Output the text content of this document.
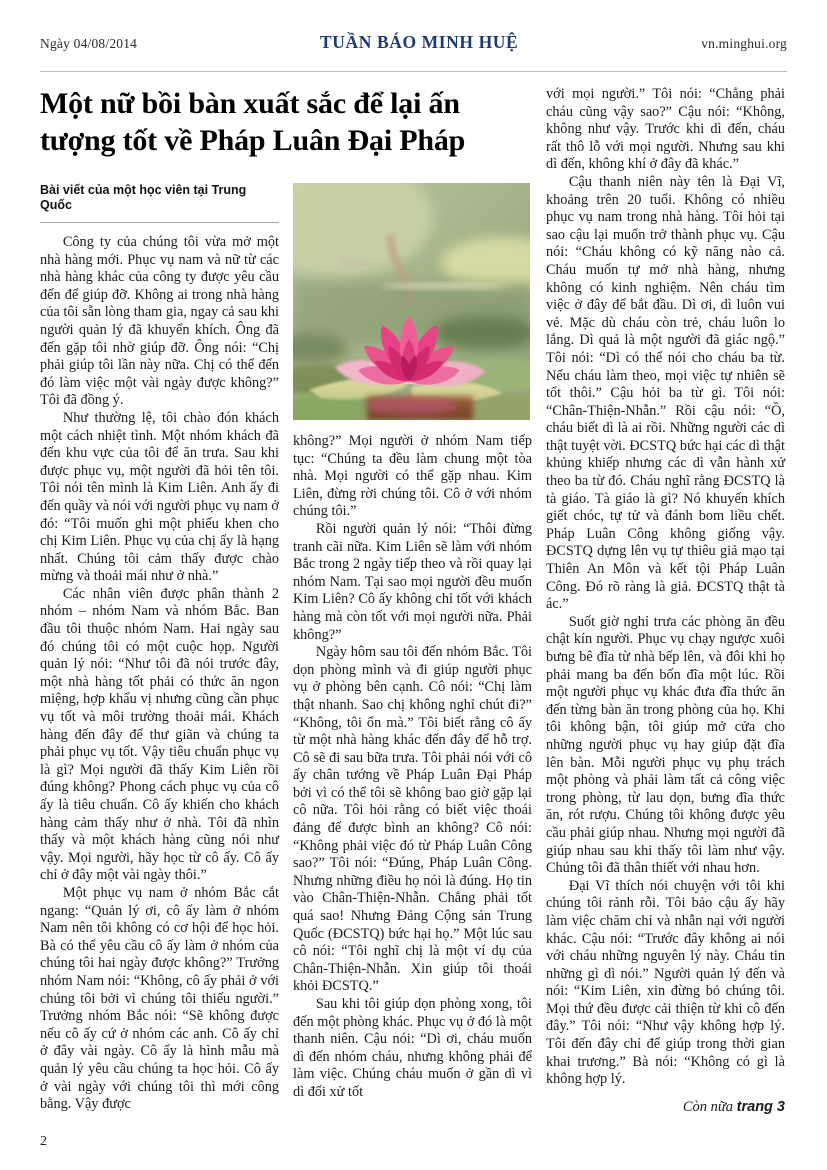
Ngày 04/08/2014	TUẦN BÁO MINH HUỆ	vn.minghui.org
Một nữ bồi bàn xuất sắc để lại ấn tượng tốt về Pháp Luân Đại Pháp
Bài viết của một học viên tại Trung Quốc

Công ty của chúng tôi vừa mở một nhà hàng mới. Phục vụ nam và nữ từ các nhà hàng khác của công ty được yêu cầu đến để giúp đỡ. Không ai trong nhà hàng của tôi sẵn lòng tham gia, ngay cả sau khi người quản lý đã khuyến khích. Ông đã đến gặp tôi nhờ giúp đỡ. Ông nói: “Chị phải giúp tôi lần này nữa. Chị có thể đến đó làm việc một vài ngày được không?” Tôi đã đồng ý.

Như thường lệ, tôi chào đón khách một cách nhiệt tình. Một nhóm khách đã đến khu vực của tôi để ăn trưa. Sau khi được phục vụ, một người đã hỏi tên tôi. Tôi nói tên mình là Kim Liên. Anh ấy đi đến quầy và nói với người phục vụ nam ở đó: “Tôi muốn ghi một phiếu khen cho chị Kim Liên. Phục vụ của chị ấy là hạng nhất. Chúng tôi cảm thấy được chào mừng và thoải mái như ở nhà.”

Các nhân viên được phân thành 2 nhóm – nhóm Nam và nhóm Bắc. Ban đầu tôi thuộc nhóm Nam. Hai ngày sau đó chúng tôi có một cuộc họp. Người quản lý nói: “Như tôi đã nói trước đây, một nhà hàng tốt phải có thức ăn ngon miệng, hợp khẩu vị nhưng cũng cần phục vụ tốt và môi trường thoải mái. Khách hàng đến đây để thư giãn và chúng ta phải phục vụ tốt. Vậy tiêu chuẩn phục vụ là gì? Mọi người đã thấy Kim Liên rồi đúng không? Phong cách phục vụ của cô ấy là tiêu chuẩn. Cô ấy khiến cho khách hàng cảm thấy như ở nhà. Tôi đã nhìn thấy và một khách hàng cũng nói như vậy. Mọi người, hãy học từ cô ấy. Cô ấy chỉ ở đây một vài ngày thôi.”

Một phục vụ nam ở nhóm Bắc cắt ngang: “Quản lý ơi, cô ấy làm ở nhóm Nam nên tôi không có cơ hội để học hỏi. Bà có thể yêu cầu cô ấy làm ở nhóm của chúng tôi hai ngày được không?” Trưởng nhóm Nam nói: “Không, cô ấy phải ở với chúng tôi bởi vì chúng tôi thiếu người.” Trưởng nhóm Bắc nói: “Sẽ không được nếu cô ấy cứ ở nhóm các anh. Cô ấy chỉ ở đây vài ngày. Cô ấy là hình mẫu mà quản lý yêu cầu chúng ta học hỏi. Cô ấy ở vài ngày với chúng tôi thì mới công bằng. Vậy được

không?” Mọi người ở nhóm Nam tiếp tục: “Chúng ta đều làm chung một tòa nhà. Mọi người có thể gặp nhau. Kim Liên, đừng rời chúng tôi. Cô ở với nhóm chúng tôi.”

Rồi người quản lý nói: “Thôi đừng tranh cãi nữa. Kim Liên sẽ làm với nhóm Bắc trong 2 ngày tiếp theo và rồi quay lại nhóm Nam. Tại sao mọi người đều muốn Kim Liên? Cô ấy không chỉ tốt với khách hàng mà còn tốt với mọi người nữa. Phải không?”

Ngày hôm sau tôi đến nhóm Bắc. Tôi dọn phòng mình và đi giúp người phục vụ ở phòng bên cạnh. Cô nói: “Chị làm thật nhanh. Sao chị không nghỉ chút đi?” “Không, tôi ổn mà.” Tôi biết rằng cô ấy từ một nhà hàng khác đến đây để hỗ trợ. Cô sẽ đi sau bữa trưa. Tôi phải nói với cô ấy chân tướng về Pháp Luân Đại Pháp bởi vì có thể tôi sẽ không bao giờ gặp lại cô nữa. Tôi hỏi rằng có biết việc thoái đảng để được bình an không? Cô nói: “Không phải việc đó từ Pháp Luân Công sao?” Tôi nói: “Đúng, Pháp Luân Công. Nhưng những điều họ nói là đúng. Họ tin vào Chân-Thiện-Nhẫn. Chẳng phải tốt quá sao! Nhưng Đảng Cộng sản Trung Quốc (ĐCSTQ) bức hại họ.” Một lúc sau cô nói: “Tôi nghĩ chị là một ví dụ của Chân-Thiện-Nhẫn. Xin giúp tôi thoái khỏi ĐCSTQ.”

Sau khi tôi giúp dọn phòng xong, tôi đến một phòng khác. Phục vụ ở đó là một thanh niên. Cậu nói: “Dì ơi, cháu muốn dì đến nhóm cháu, nhưng không phải để làm việc. Chúng cháu muốn ở gần dì vì dì đối xử tốt

với mọi người.” Tôi nói: “Chẳng phải cháu cũng vậy sao?” Cậu nói: “Không, không như vậy. Trước khi dì đến, cháu rất thô lỗ với mọi người. Nhưng sau khi dì đến, không khí ở đây đã khác.”

Cậu thanh niên này tên là Đại Vĩ, khoảng trên 20 tuổi. Không có nhiều phục vụ nam trong nhà hàng. Tôi hỏi tại sao cậu lại muốn trở thành phục vụ. Cậu nói: “Cháu không có kỹ năng nào cả. Cháu muốn tự mở nhà hàng, nhưng không có kinh nghiệm. Nên cháu tìm việc ở đây để bắt đầu. Dì ơi, dì luôn vui vẻ. Mặc dù cháu còn trẻ, cháu luôn lo lắng. Dì quả là một người đã giác ngộ.” Tôi nói: “Dì có thể nói cho cháu ba từ. Nếu cháu làm theo, mọi việc tự nhiên sẽ tốt thôi.” Cậu hỏi ba từ gì. Tôi nói: “Chân-Thiện-Nhẫn.” Rồi cậu nói: “Ồ, cháu biết dì là ai rồi. Những người các dì thật tuyệt vời. ĐCSTQ bức hại các dì thật khủng khiếp nhưng các dì vẫn hành xử theo ba từ đó. Cháu nghĩ rằng ĐCSTQ là tà giáo. Tà giáo là gì? Nó khuyến khích giết chóc, tự tử và đánh bom liều chết. Pháp Luân Công không giống vậy. ĐCSTQ dựng lên vụ tự thiêu giả mạo tại Thiên An Môn và kết tội Pháp Luân Công. Đó rõ ràng là giả. ĐCSTQ thật tà ác.”

Suốt giờ nghỉ trưa các phòng ăn đều chật kín người. Phục vụ chạy ngược xuôi bưng bê đĩa từ nhà bếp lên, và đôi khi họ phải mang ba đến bốn đĩa một lúc. Rồi một người phục vụ khác đưa đĩa thức ăn đến từng bàn ăn trong phòng của họ. Khi tôi không bận, tôi giúp mở cửa cho những người phục vụ hay giúp đặt đĩa lên bàn. Mỗi người phục vụ phụ trách một phòng và phải làm tất cả công việc trong phòng, từ lau dọn, bưng đĩa thức ăn, rót rượu. Chúng tôi không được yêu cầu phải giúp nhau. Nhưng mọi người đã giúp nhau sau khi thấy tôi làm như vậy. Chúng tôi đã thân thiết với nhau hơn.

Đại Vĩ thích nói chuyện với tôi khi chúng tôi rảnh rỗi. Tôi bảo cậu ấy hãy làm việc chăm chỉ và nhẫn nại với người khác. Cậu nói: “Trước đây không ai nói với cháu những nguyên lý này. Cháu tin những gì dì nói.” Người quản lý đến và nói: “Kim Liên, xin đừng bỏ chúng tôi. Mọi thứ đều được cải thiện từ khi cô đến đây.” Tôi nói: “Như vậy không hợp lý. Tôi đến đây chỉ để giúp trong thời gian khai trương.” Bà nói: “Không có gì là không hợp lý.

Còn nữa trang 3
2
